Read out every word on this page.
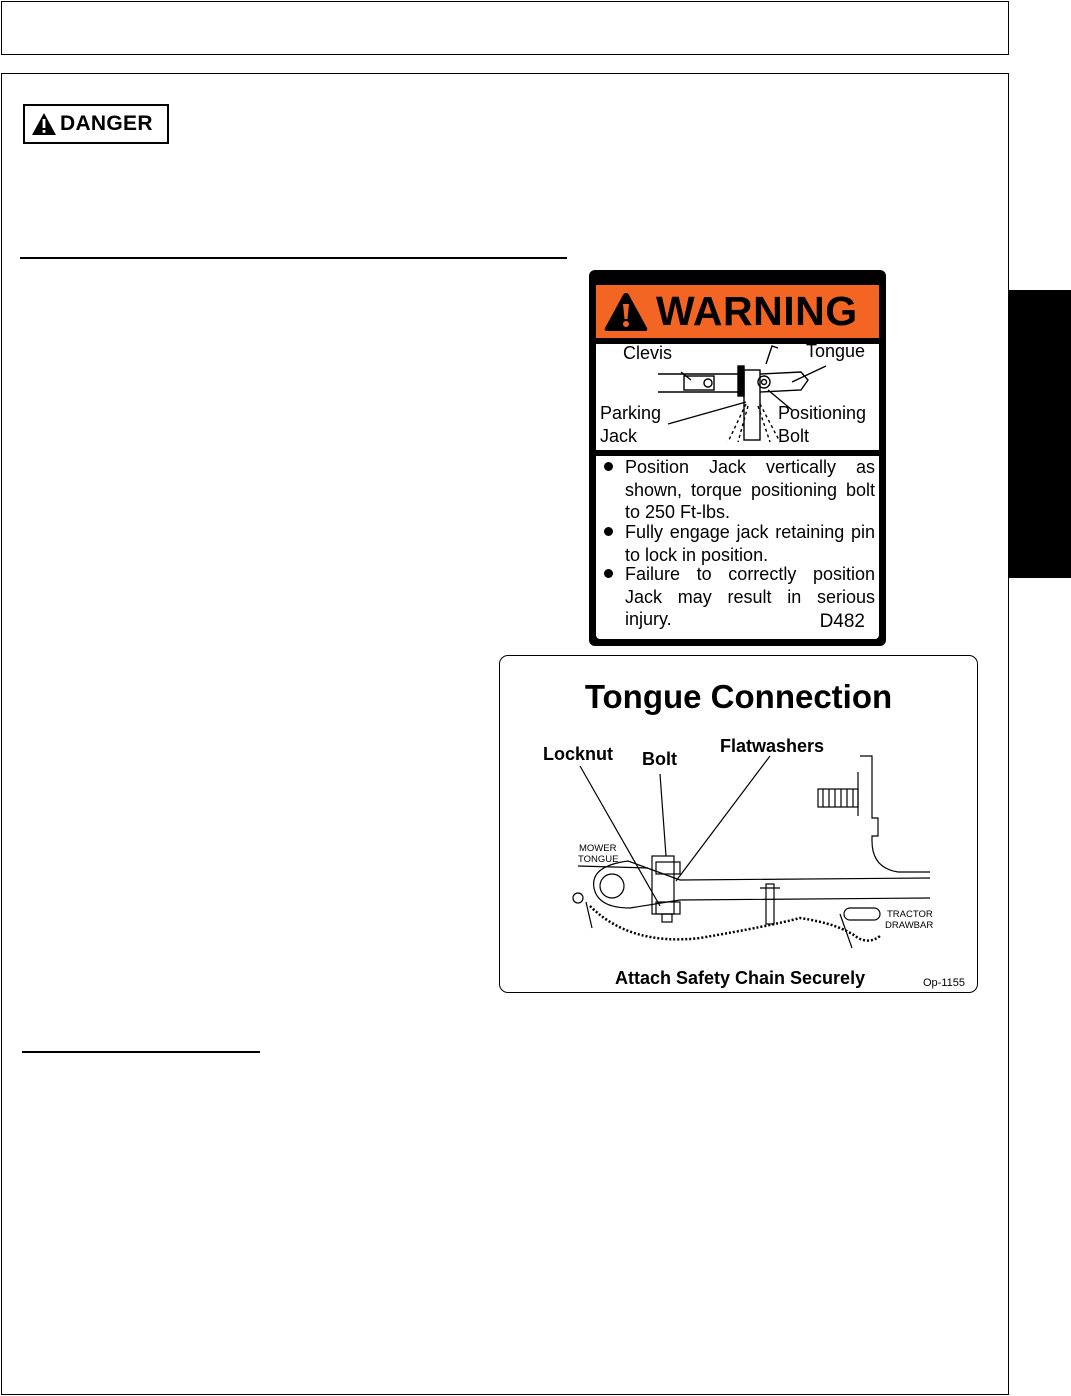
DANGER
WARNING
Clevis	Tongue
Parking
Jack
Positioning
Bolt
Position Jack vertically as shown, torque positioning bolt to 250 Ft-lbs.
Fully engage jack retaining pin to lock in position.
Failure to correctly position Jack may result in serious injury.	D482
Tongue Connection
Locknut Bolt
Flatwashers
MOWER
TONGUE
TRACTOR
DRAWBAR
Attach Safety Chain Securely	Op-1155
